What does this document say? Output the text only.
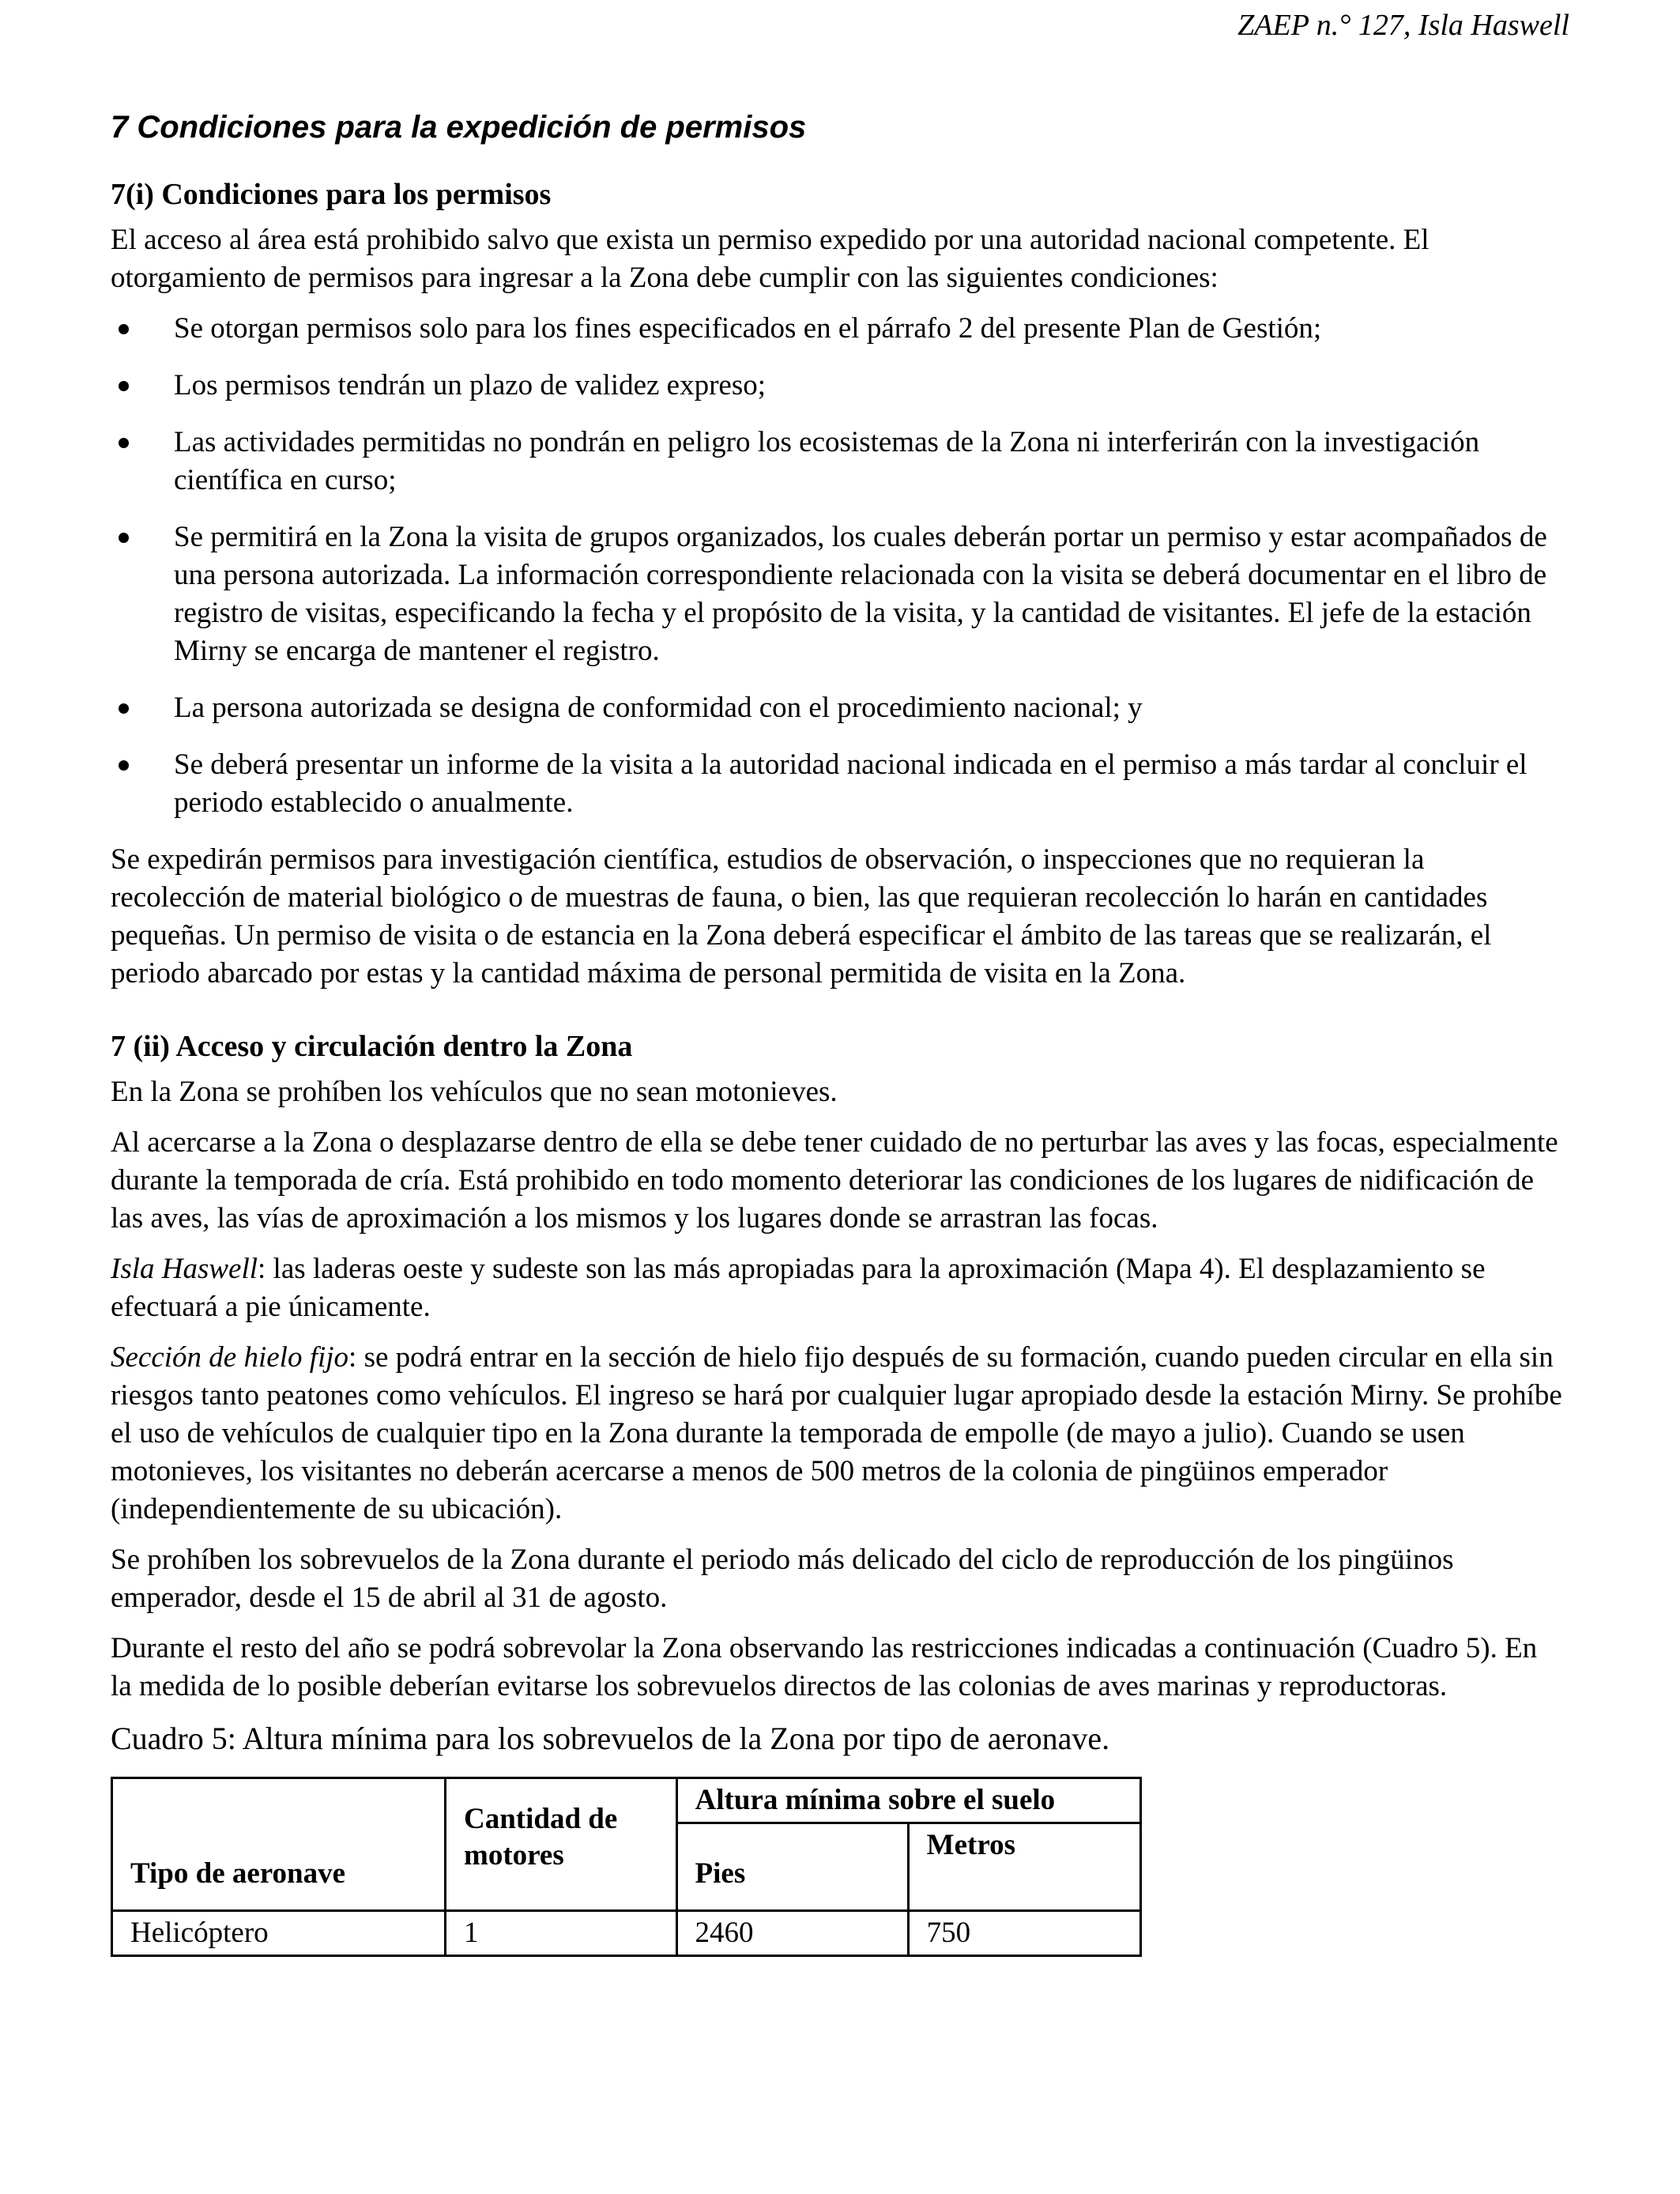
ZAEP n.° 127, Isla Haswell
7 Condiciones para la expedición de permisos
7(i) Condiciones para los permisos

El acceso al área está prohibido salvo que exista un permiso expedido por una autoridad nacional competente. El otorgamiento de permisos para ingresar a la Zona debe cumplir con las siguientes condiciones:

Se otorgan permisos solo para los fines especificados en el párrafo 2 del presente Plan de Gestión;
Los permisos tendrán un plazo de validez expreso;
Las actividades permitidas no pondrán en peligro los ecosistemas de la Zona ni interferirán con la investigación científica en curso;
Se permitirá en la Zona la visita de grupos organizados, los cuales deberán portar un permiso y estar acompañados de una persona autorizada. La información correspondiente relacionada con la visita se deberá documentar en el libro de registro de visitas, especificando la fecha y el propósito de la visita, y la cantidad de visitantes. El jefe de la estación Mirny se encarga de mantener el registro.
La persona autorizada se designa de conformidad con el procedimiento nacional; y
Se deberá presentar un informe de la visita a la autoridad nacional indicada en el permiso a más tardar al concluir el periodo establecido o anualmente.

Se expedirán permisos para investigación científica, estudios de observación, o inspecciones que no requieran la recolección de material biológico o de muestras de fauna, o bien, las que requieran recolección lo harán en cantidades pequeñas. Un permiso de visita o de estancia en la Zona deberá especificar el ámbito de las tareas que se realizarán, el periodo abarcado por estas y la cantidad máxima de personal permitida de visita en la Zona.

7 (ii) Acceso y circulación dentro la Zona

En la Zona se prohíben los vehículos que no sean motonieves.

Al acercarse a la Zona o desplazarse dentro de ella se debe tener cuidado de no perturbar las aves y las focas, especialmente durante la temporada de cría. Está prohibido en todo momento deteriorar las condiciones de los lugares de nidificación de las aves, las vías de aproximación a los mismos y los lugares donde se arrastran las focas.

Isla Haswell: las laderas oeste y sudeste son las más apropiadas para la aproximación (Mapa 4). El desplazamiento se efectuará a pie únicamente.

Sección de hielo fijo: se podrá entrar en la sección de hielo fijo después de su formación, cuando pueden circular en ella sin riesgos tanto peatones como vehículos. El ingreso se hará por cualquier lugar apropiado desde la estación Mirny. Se prohíbe el uso de vehículos de cualquier tipo en la Zona durante la temporada de empolle (de mayo a julio). Cuando se usen motonieves, los visitantes no deberán acercarse a menos de 500 metros de la colonia de pingüinos emperador (independientemente de su ubicación).

Se prohíben los sobrevuelos de la Zona durante el periodo más delicado del ciclo de reproducción de los pingüinos emperador, desde el 15 de abril al 31 de agosto.

Durante el resto del año se podrá sobrevolar la Zona observando las restricciones indicadas a continuación (Cuadro 5). En la medida de lo posible deberían evitarse los sobrevuelos directos de las colonias de aves marinas y reproductoras.

Cuadro 5: Altura mínima para los sobrevuelos de la Zona por tipo de aeronave.
Tipo de aeronave	Cantidad de motores	Altura mínima sobre el suelo	
		Pies	Metros
Helicóptero	1	2460	750
